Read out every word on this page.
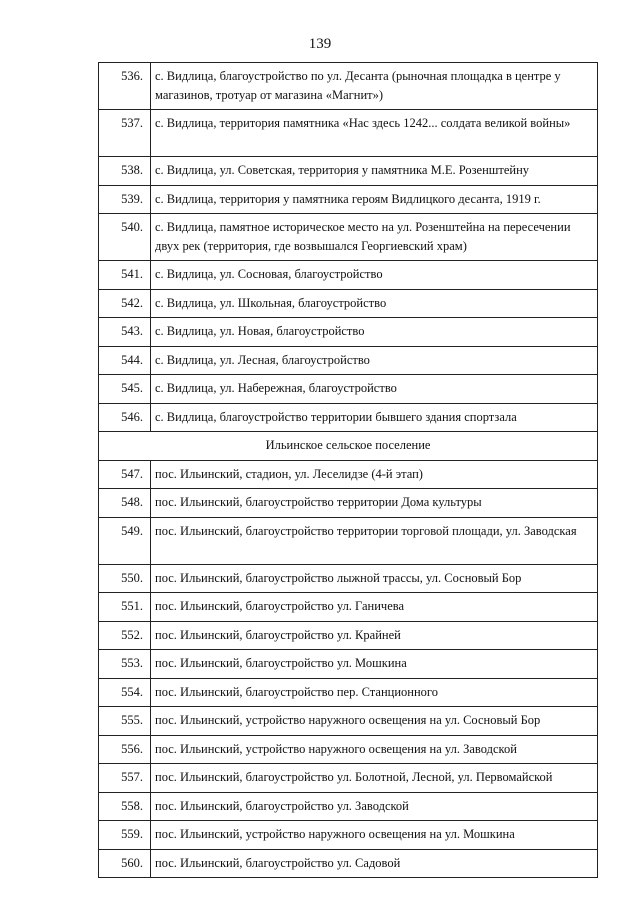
139
536.	с. Видлица, благоустройство по ул. Десанта (рыночная площадка в центре у магазинов, тротуар от магазина «Магнит»)
537.	с. Видлица, территория памятника «Нас здесь 1242... солдата великой войны»
538.	с. Видлица, ул. Советская, территория у памятника М.Е. Розенштейну
539.	с. Видлица, территория у памятника героям Видлицкого десанта, 1919 г.
540.	с. Видлица, памятное историческое место на ул. Розенштейна на пересечении двух рек (территория, где возвышался Георгиевский храм)
541.	с. Видлица, ул. Сосновая, благоустройство
542.	с. Видлица, ул. Школьная, благоустройство
543.	с. Видлица, ул. Новая, благоустройство
544.	с. Видлица, ул. Лесная, благоустройство
545.	с. Видлица, ул. Набережная, благоустройство
546.	с. Видлица, благоустройство территории бывшего здания спортзала
Ильинское сельское поселение	
547.	пос. Ильинский, стадион, ул. Леселидзе (4-й этап)
548.	пос. Ильинский, благоустройство территории Дома культуры
549.	пос. Ильинский, благоустройство территории торговой площади, ул. Заводская
550.	пос. Ильинский, благоустройство лыжной трассы, ул. Сосновый Бор
551.	пос. Ильинский, благоустройство ул. Ганичева
552.	пос. Ильинский, благоустройство ул. Крайней
553.	пос. Ильинский, благоустройство ул. Мошкина
554.	пос. Ильинский, благоустройство пер. Станционного
555.	пос. Ильинский, устройство наружного освещения на ул. Сосновый Бор
556.	пос. Ильинский, устройство наружного освещения на ул. Заводской
557.	пос. Ильинский, благоустройство ул. Болотной, Лесной, ул. Первомайской
558.	пос. Ильинский, благоустройство ул. Заводской
559.	пос. Ильинский, устройство наружного освещения на ул. Мошкина
560.	пос. Ильинский, благоустройство ул. Садовой
